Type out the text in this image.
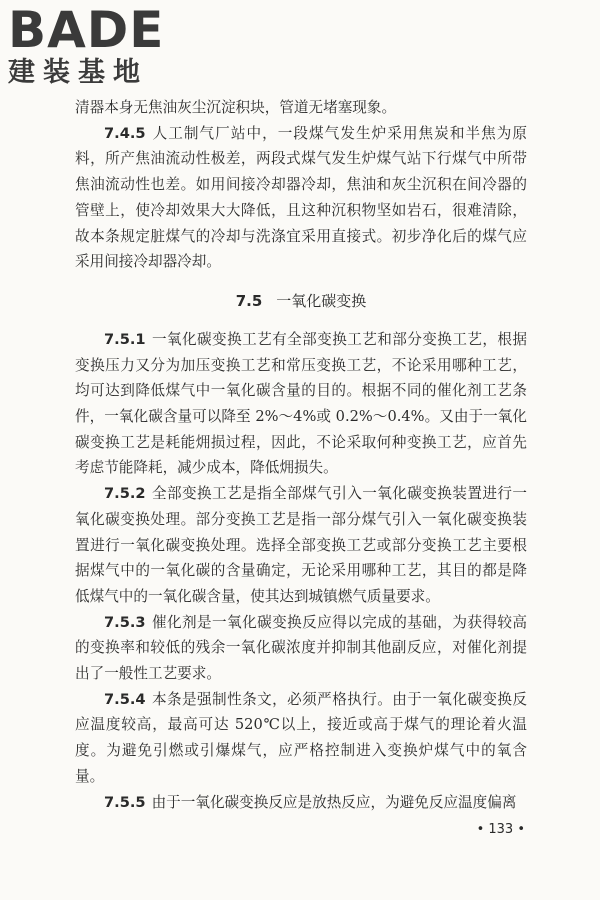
BADE
建装基地

清器本身无焦油灰尘沉淀积块，管道无堵塞现象。

7.4.5 人工制气厂站中，一段煤气发生炉采用焦炭和半焦为原料，所产焦油流动性极差，两段式煤气发生炉煤气站下行煤气中所带焦油流动性也差。如用间接冷却器冷却，焦油和灰尘沉积在间冷器的管壁上，使冷却效果大大降低，且这种沉积物坚如岩石，很难清除，故本条规定脏煤气的冷却与洗涤宜采用直接式。初步净化后的煤气应采用间接冷却器冷却。

7.5 一氧化碳变换

7.5.1 一氧化碳变换工艺有全部变换工艺和部分变换工艺，根据变换压力又分为加压变换工艺和常压变换工艺，不论采用哪种工艺，均可达到降低煤气中一氧化碳含量的目的。根据不同的催化剂工艺条件，一氧化碳含量可以降至 2%～4%或 0.2%～0.4%。又由于一氧化碳变换工艺是耗能㶲损过程，因此，不论采取何种变换工艺，应首先考虑节能降耗，减少成本，降低㶲损失。

7.5.2 全部变换工艺是指全部煤气引入一氧化碳变换装置进行一氧化碳变换处理。部分变换工艺是指一部分煤气引入一氧化碳变换装置进行一氧化碳变换处理。选择全部变换工艺或部分变换工艺主要根据煤气中的一氧化碳的含量确定，无论采用哪种工艺，其目的都是降低煤气中的一氧化碳含量，使其达到城镇燃气质量要求。

7.5.3 催化剂是一氧化碳变换反应得以完成的基础，为获得较高的变换率和较低的残余一氧化碳浓度并抑制其他副反应，对催化剂提出了一般性工艺要求。

7.5.4 本条是强制性条文，必须严格执行。由于一氧化碳变换反应温度较高，最高可达 520℃以上，接近或高于煤气的理论着火温度。为避免引燃或引爆煤气，应严格控制进入变换炉煤气中的氧含量。

7.5.5 由于一氧化碳变换反应是放热反应，为避免反应温度偏离

• 133 •
